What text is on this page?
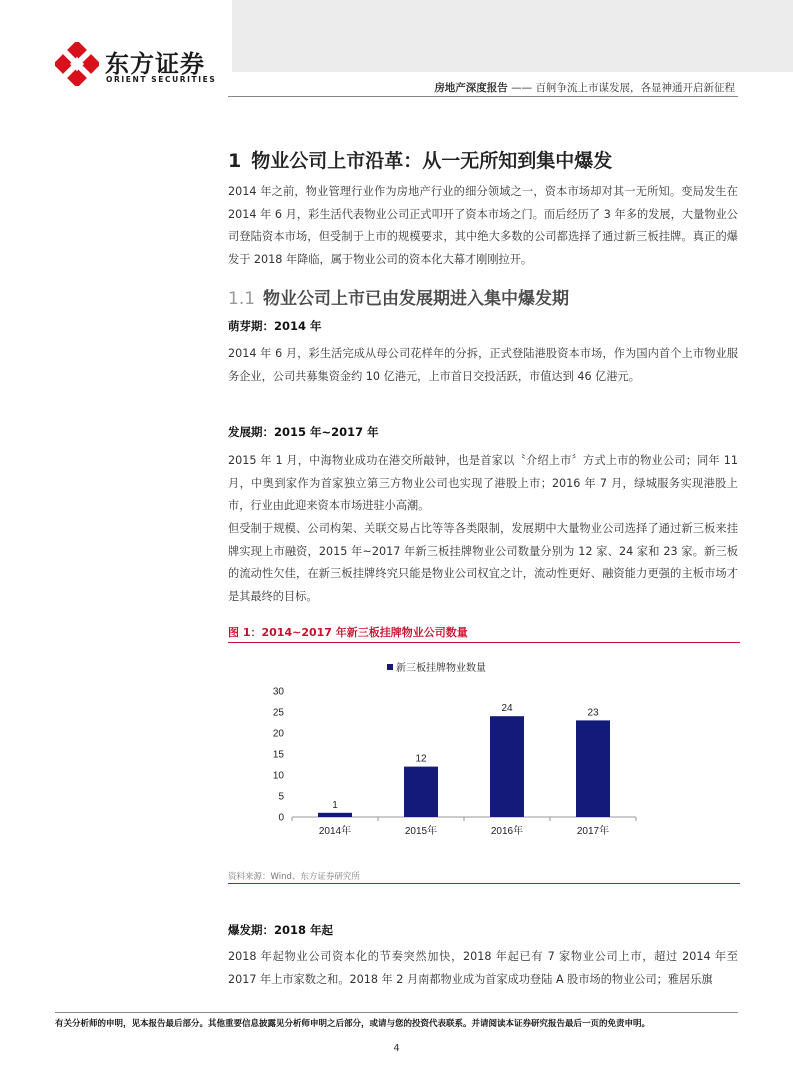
东方证券
ORIENT SECURITIES
房地产深度报告 —— 百舸争流上市谋发展，各显神通开启新征程
1 物业公司上市沿革：从一无所知到集中爆发
2014 年之前，物业管理行业作为房地产行业的细分领域之一，资本市场却对其一无所知。变局发生在 2014 年 6 月，彩生活代表物业公司正式叩开了资本市场之门。而后经历了 3 年多的发展，大量物业公司登陆资本市场，但受制于上市的规模要求，其中绝大多数的公司都选择了通过新三板挂牌。真正的爆发于 2018 年降临，属于物业公司的资本化大幕才刚刚拉开。
1.1 物业公司上市已由发展期进入集中爆发期
萌芽期：2014 年
2014 年 6 月，彩生活完成从母公司花样年的分拆，正式登陆港股资本市场，作为国内首个上市物业服务企业，公司共募集资金约 10 亿港元，上市首日交投活跃，市值达到 46 亿港元。
发展期：2015 年~2017 年
2015 年 1 月，中海物业成功在港交所敲钟，也是首家以〝介绍上市〞方式上市的物业公司；同年 11 月，中奥到家作为首家独立第三方物业公司也实现了港股上市；2016 年 7 月，绿城服务实现港股上市，行业由此迎来资本市场进驻小高潮。
但受制于规模、公司构架、关联交易占比等等各类限制，发展期中大量物业公司选择了通过新三板来挂牌实现上市融资，2015 年~2017 年新三板挂牌物业公司数量分别为 12 家、24 家和 23 家。新三板的流动性欠佳，在新三板挂牌终究只能是物业公司权宜之计，流动性更好、融资能力更强的主板市场才是其最终的目标。
图 1：2014~2017 年新三板挂牌物业公司数量
新三板挂牌物业数量
0
5
10
15
20
25
30
1
2014年
12
2015年
24
2016年
23
2017年
资料来源：Wind、东方证券研究所
爆发期：2018 年起
2018 年起物业公司资本化的节奏突然加快，2018 年起已有 7 家物业公司上市，超过 2014 年至 2017 年上市家数之和。2018 年 2 月南都物业成为首家成功登陆 A 股市场的物业公司；雅居乐旗
有关分析师的申明，见本报告最后部分。其他重要信息披露见分析师申明之后部分，或请与您的投资代表联系。并请阅读本证券研究报告最后一页的免责申明。
4
